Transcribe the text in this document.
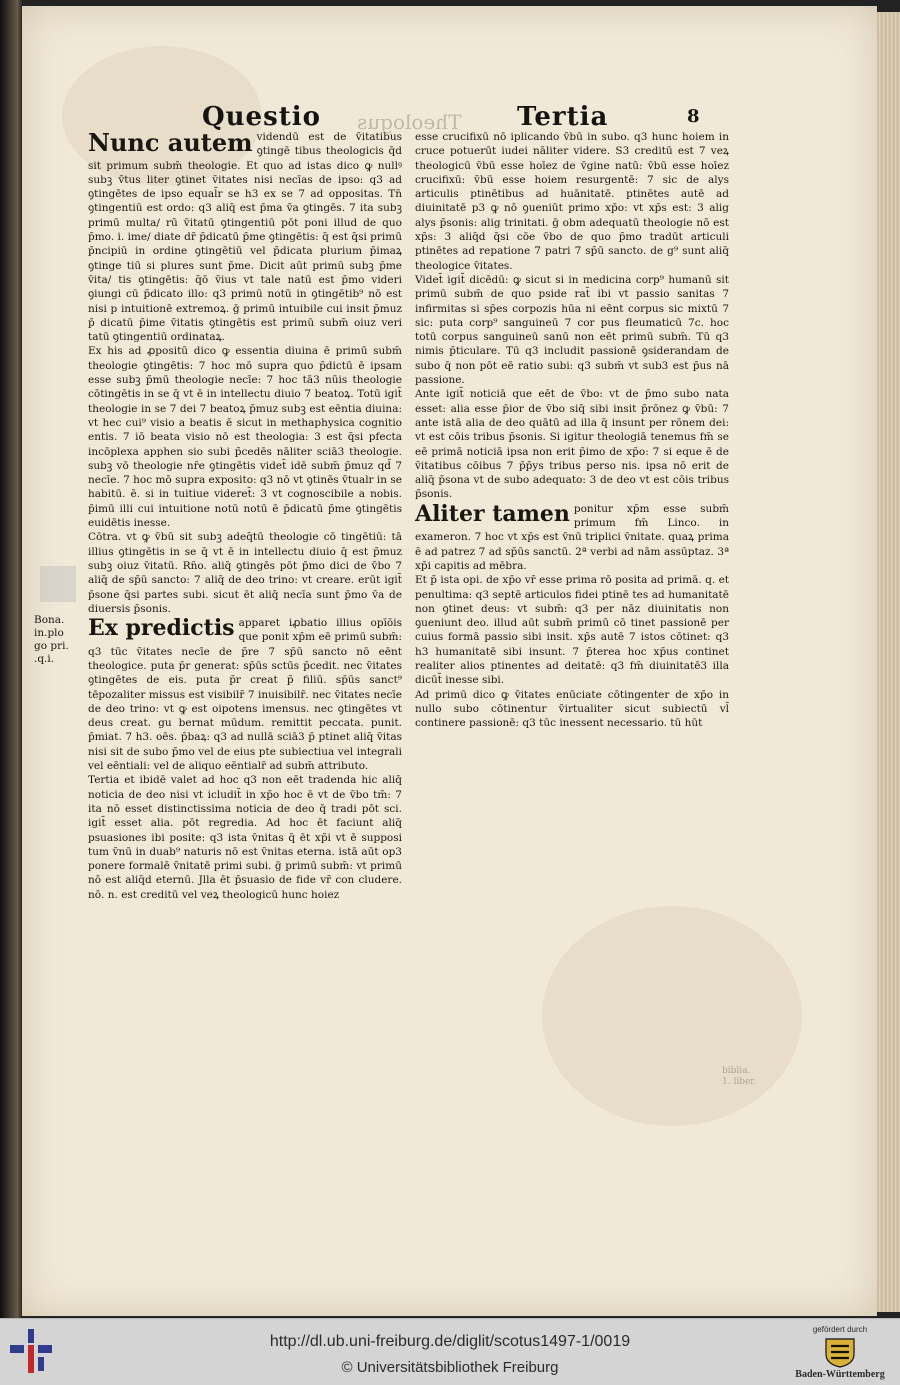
Questio Theologus Tertia	8
Bona. in.plo go pri. .q.i.

Nunc autem videndū est de v̄itatibus ꝯtingē tibus theologicis q̄d sit primum subm̄ theologie. Et quo ad istas dico ꝙ nullꝰ subꝫ v̄tus liter ꝯtinet v̄itates nisi necīas de ipso: q3 ad ꝯtingētes de ipso equal̄r se h3 ex se 7 ad oppositas. Tn̄ ꝯtingentiū est ordo: q3 aliq̄ est p̄ma v̄a ꝯtingēs. 7 ita subꝫ primū multa/ rū v̄itatū ꝯtingentiū pōt poni illud de quo p̄mo. i. ime/ diate dr̄ p̄dicatū p̄me ꝯtingētis: q̄ est q̄si primū p̄ncipiū in ordine ꝯtingētiū vel p̄dicata plurium p̄imaꝝ ꝯtinge tiū si plures sunt p̄me. Dicit aūt primū subꝫ p̄me v̄ita/ tis ꝯtingētis: q̄ō v̄ius vt tale natū est p̄mo videri ꝯiungi cū p̄dicato illo: q3 primū notū in ꝯtingētib⁹ nō est nisi p intuitionē extremoꝝ. ḡ primū intuibile cui insit p̄muz p̄ dicatū p̄ime v̄itatis ꝯtingētis est primū subm̄ oiuz veri tatū ꝯtingentiū ordinataꝝ.

Ex his ad ꝓpositū dico ꝙ essentia diuina ē primū subm̄ theologie ꝯtingētis: 7 hoc mō supra quo p̄dictū ē ipsam esse subꝫ p̄mū theologie necīe: 7 hoc tā3 nūis theologie cōtingētis in se q̄ vt ē in intellectu diuio 7 beatoꝝ. Totū igit̄ theologie in se 7 dei 7 beatoꝝ p̄muz subꝫ est eēntia diuina: vt hec cui⁹ visio a beatis ē sicut in methaphysica cognitio entis. 7 iō beata visio nō est theologia: 3 est q̄si pfecta incōplexa apphen sio subi p̄cedēs nāliter sciā3 theologie. subꝫ vō theologie nr̄e ꝯtingētis videt̄ idē subm̄ p̄muz qd̄ 7 necīe. 7 hoc mō supra exposito: q3 nō vt ꝯtinēs v̄tualr in se habitū. ē. si in tuitiue videret̄: 3 vt cognoscibile a nobis. p̄imū illi cui intuitione notū notū ē p̄dicatū p̄me ꝯtingētis euidētis inesse.

Cōtra. vt ꝙ v̄bū sit subꝫ adeq̄tū theologie cō tingētiū: tā illius ꝯtingētis in se q̄ vt ē in intellectu diuio q̄ est p̄muz subꝫ oiuz v̄itatū. Rn̄o. aliq̄ ꝯtingēs pōt p̄mo dici de v̄bo 7 aliq̄ de sp̄ū sancto: 7 aliq̄ de deo trino: vt creare. erūt igit̄ p̄sone q̄si partes subi. sicut ēt aliq̄ necīa sunt p̄mo v̄a de diuersis p̄sonis.

Ex predictis apparet iꝓbatio illius opīōis que ponit xp̄m eē primū subm̄: q3 tūc v̄itates necīe de p̄re 7 sp̄ū sancto nō eēnt theologice. puta p̄r generat: sp̄ūs sctūs p̄cedit. nec v̄itates ꝯtingētes de eis. puta p̄r creat p̄ filiū. sp̄ūs sanct⁹ tēpozaliter missus est visibilr̄ 7 inuisibilr̄. nec v̄itates necīe de deo trino: vt ꝙ est oipotens imensus. nec ꝯtingētes vt deus creat. gu bernat mūdum. remittit peccata. punit. p̄miat. 7 h3. oēs. p̄baꝝ: q3 ad nullā sciā3 p̄ ptinet aliq̄ v̄itas nisi sit de subo p̄mo vel de eius pte subiectiua vel integrali vel eēntiali: vel de aliquo eēntialr̄ ad subm̄ attributo.

Tertia et ibidē valet ad hoc q3 non eēt tradenda hic aliq̄ noticia de deo nisi vt icludit̄ in xp̄o hoc ē vt de v̄bo tm̄: 7 ita nō esset distinctissima noticia de deo q̄ tradi pōt sci. igit̄ esset alia. pōt regredia. Ad hoc ēt faciunt aliq̄ psuasiones ibi posite: q3 ista v̄nitas q̄ ēt xp̄i vt ē supposi tum v̄nū in duab⁹ naturis nō est v̄nitas eterna. istā aūt op3 ponere formalē v̄nitatē primi subi. ḡ primū subm̄: vt primū nō est aliq̄d eternū. Jlla ēt p̄suasio de fide vr̄ con cludere. nō. n. est creditū vel veꝝ theologicū hunc hoiez

esse crucifixū nō iplicando v̄bū in subo. q3 hunc hoiem in cruce potuerūt iudei nāliter videre. S3 creditū est 7 veꝝ theologicū v̄bū esse hoīez de v̄gine natū: v̄bū esse hoīez crucifixū: v̄bū esse hoiem resurgentē: 7 sic de alys articulis ptinētibus ad huānitatē. ptinētes autē ad diuinitatē p3 ꝙ nō ꝯueniūt primo xp̄o: vt xp̄s est: 3 alig alys p̄sonis: alig trinitati. ḡ obm adequatū theologie nō est xp̄s: 3 aliq̄d q̄si cōe v̄bo de quo p̄mo tradūt articuli ptinētes ad repatione 7 patri 7 sp̄ū sancto. de g⁹ sunt aliq̄ theologice v̄itates.

Videt̄ igit̄ dicēdū: ꝙ sicut si in medicina corp⁹ humanū sit primū subm̄ de quo pside rat̄ ibi vt passio sanitas 7 infirmitas si sp̄es corpozis hūa ni eēnt corpus sic mixtū 7 sic: puta corp⁹ sanguineū 7 cor pus fleumaticū 7c. hoc totū corpus sanguineū sanū non eēt primū subm̄. Tū q3 nimis p̄ticulare. Tū q3 includit passionē ꝯsiderandam de subo q̄ non pōt eē ratio subi: q3 subm̄ vt sub3 est p̄us nā passione.

Ante igit̄ noticiā que eēt de v̄bo: vt de p̄mo subo nata esset: alia esse p̄ior de v̄bo siq̄ sibi insit p̄rōnez ꝙ v̄bū: 7 ante istā alia de deo quātū ad illa q̄ insunt per rōnem dei: vt est cōis tribus p̄sonis. Si igitur theologiā tenemus fm̄ se eē primā noticiā ipsa non erit p̄imo de xp̄o: 7 si eque ē de v̄itatibus cōibus 7 p̄p̄ys tribus perso nis. ipsa nō erit de aliq̄ p̄sona vt de subo adequato: 3 de deo vt est cōis tribus p̄sonis.

Aliter tamen ponitur xp̄m esse subm̄ primum fm̄ Linco. in exameron. 7 hoc vt xp̄s est v̄nū triplici v̄nitate. quaꝝ prima ē ad patrez 7 ad sp̄ūs sanctū. 2ª verbi ad nām assūptaz. 3ª xp̄i capitis ad mēbra.

Et p̄ ista opi. de xp̄o vr̄ esse prima rō posita ad primā. q. et penultima: q3 septē articulos fidei ptinē tes ad humanitatē non ꝯtinet deus: vt subm̄: q3 per nāz diuinitatis non ꝯueniunt deo. illud aūt subm̄ primū cō tinet passionē per cuius formā passio sibi insit. xp̄s autē 7 istos cōtinet: q3 h3 humanitatē sibi insunt. 7 p̄terea hoc xp̄us continet realiter alios ptinentes ad deitatē: q3 fm̄ diuinitatē3 illa dicūt̄ inesse sibi.

Ad primū dico ꝙ v̄itates enūciate cōtingenter de xp̄o in nullo subo cōtinentur v̄irtualiter sicut subiectū vl̄ continere passionē: q3 tūc inessent necessario. tū hūt

biblia. 1. liber.
http://dl.ub.uni-freiburg.de/diglit/scotus1497-1/0019
© Universitätsbibliothek Freiburg
gefördert durch
Baden-Württemberg
